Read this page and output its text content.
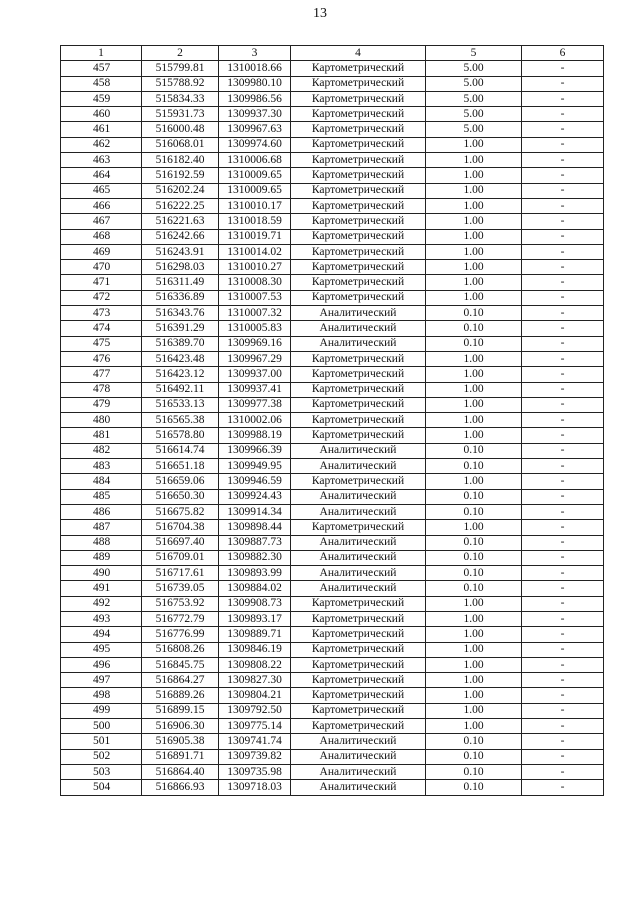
13
1	2	3	4	5	6
457	515799.81	1310018.66	Картометрический	5.00	-
458	515788.92	1309980.10	Картометрический	5.00	-
459	515834.33	1309986.56	Картометрический	5.00	-
460	515931.73	1309937.30	Картометрический	5.00	-
461	516000.48	1309967.63	Картометрический	5.00	-
462	516068.01	1309974.60	Картометрический	1.00	-
463	516182.40	1310006.68	Картометрический	1.00	-
464	516192.59	1310009.65	Картометрический	1.00	-
465	516202.24	1310009.65	Картометрический	1.00	-
466	516222.25	1310010.17	Картометрический	1.00	-
467	516221.63	1310018.59	Картометрический	1.00	-
468	516242.66	1310019.71	Картометрический	1.00	-
469	516243.91	1310014.02	Картометрический	1.00	-
470	516298.03	1310010.27	Картометрический	1.00	-
471	516311.49	1310008.30	Картометрический	1.00	-
472	516336.89	1310007.53	Картометрический	1.00	-
473	516343.76	1310007.32	Аналитический	0.10	-
474	516391.29	1310005.83	Аналитический	0.10	-
475	516389.70	1309969.16	Аналитический	0.10	-
476	516423.48	1309967.29	Картометрический	1.00	-
477	516423.12	1309937.00	Картометрический	1.00	-
478	516492.11	1309937.41	Картометрический	1.00	-
479	516533.13	1309977.38	Картометрический	1.00	-
480	516565.38	1310002.06	Картометрический	1.00	-
481	516578.80	1309988.19	Картометрический	1.00	-
482	516614.74	1309966.39	Аналитический	0.10	-
483	516651.18	1309949.95	Аналитический	0.10	-
484	516659.06	1309946.59	Картометрический	1.00	-
485	516650.30	1309924.43	Аналитический	0.10	-
486	516675.82	1309914.34	Аналитический	0.10	-
487	516704.38	1309898.44	Картометрический	1.00	-
488	516697.40	1309887.73	Аналитический	0.10	-
489	516709.01	1309882.30	Аналитический	0.10	-
490	516717.61	1309893.99	Аналитический	0.10	-
491	516739.05	1309884.02	Аналитический	0.10	-
492	516753.92	1309908.73	Картометрический	1.00	-
493	516772.79	1309893.17	Картометрический	1.00	-
494	516776.99	1309889.71	Картометрический	1.00	-
495	516808.26	1309846.19	Картометрический	1.00	-
496	516845.75	1309808.22	Картометрический	1.00	-
497	516864.27	1309827.30	Картометрический	1.00	-
498	516889.26	1309804.21	Картометрический	1.00	-
499	516899.15	1309792.50	Картометрический	1.00	-
500	516906.30	1309775.14	Картометрический	1.00	-
501	516905.38	1309741.74	Аналитический	0.10	-
502	516891.71	1309739.82	Аналитический	0.10	-
503	516864.40	1309735.98	Аналитический	0.10	-
504	516866.93	1309718.03	Аналитический	0.10	-
